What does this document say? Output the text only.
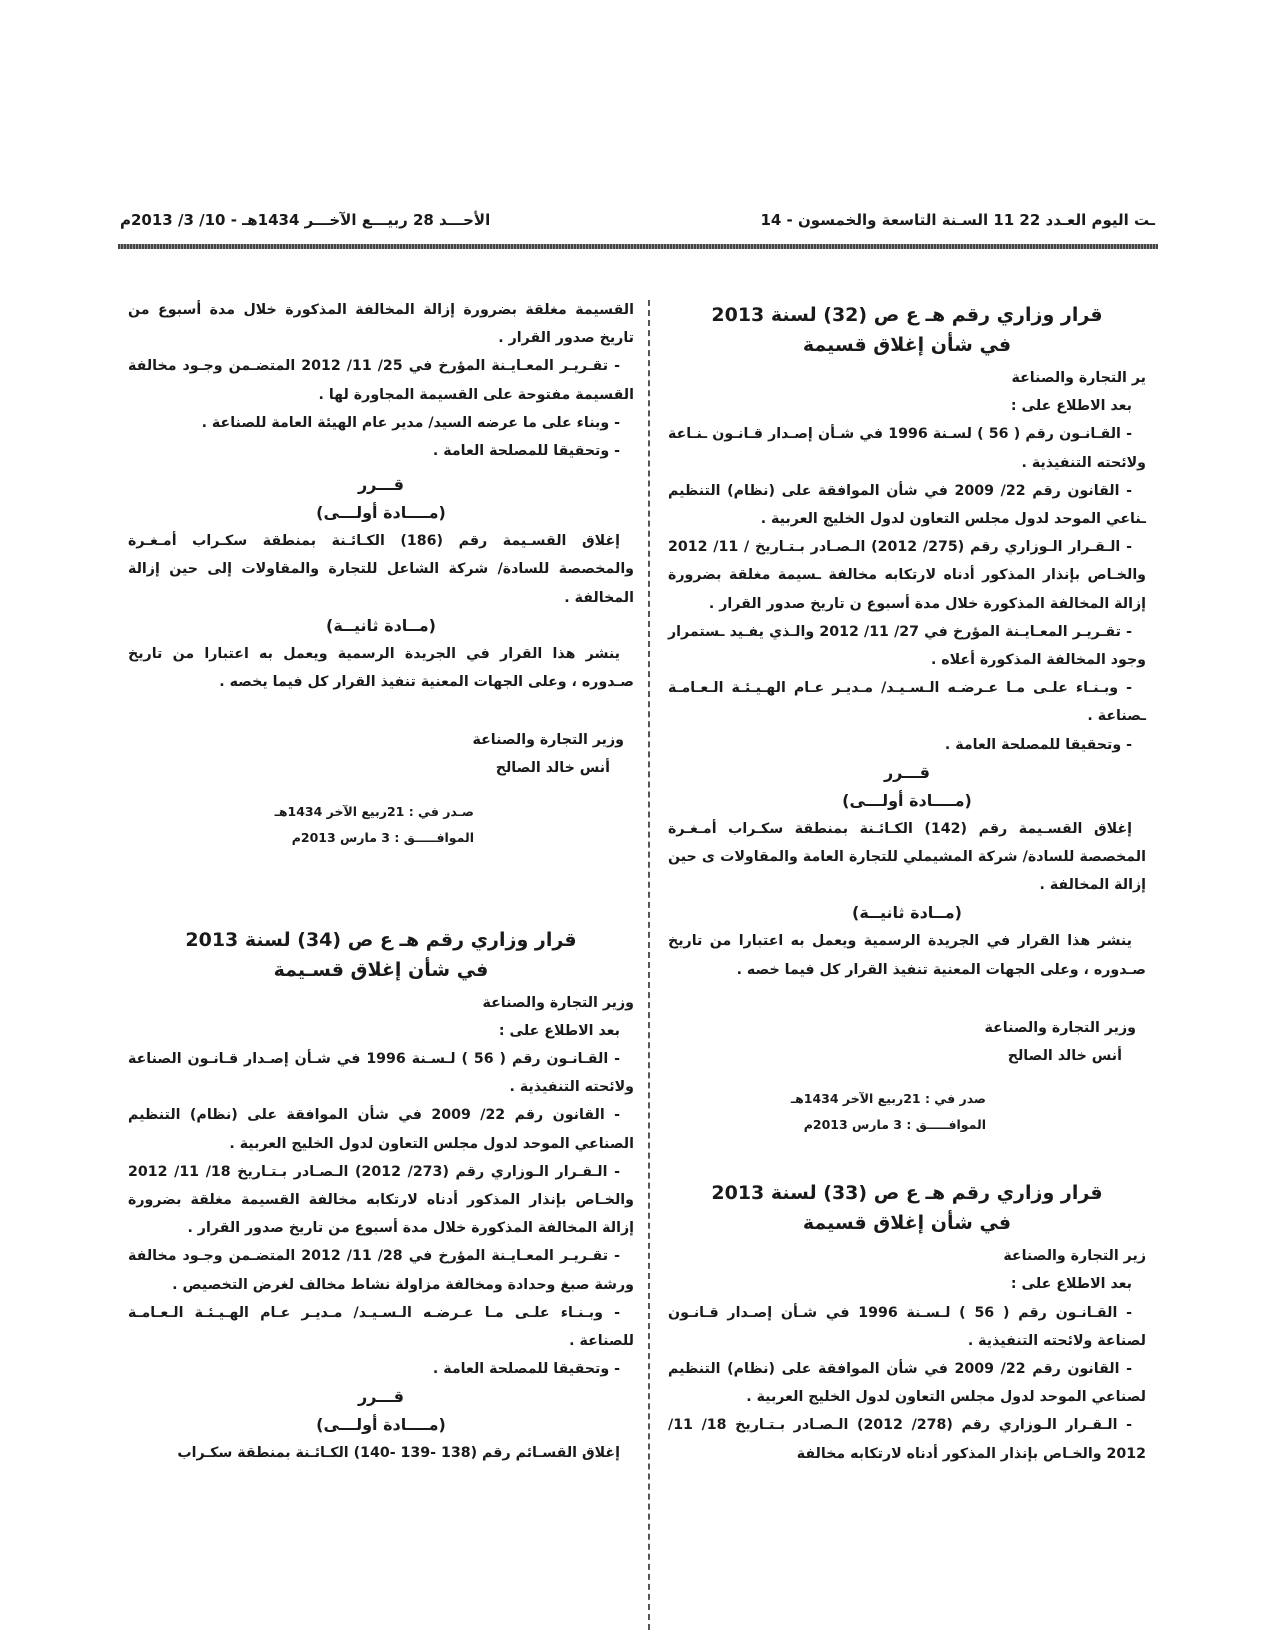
الأحـــد 28 ربيـــع الآخـــر 1434هـ - 10/ 3/ 2013م	ـت اليوم العـدد 22 11 السـنة التاسعة والخمسون - 14

قرار وزاري رقم هـ ع ص (32) لسنة 2013

في شأن إغلاق قسيمة

ير التجارة والصناعة

بعد الاطلاع على :

- القـانـون رقم ( 56 ) لسـنة 1996 في شـأن إصـدار قـانـون ـنـاعة ولائحته التنفيذية .

- القانون رقم 22/ 2009 في شأن الموافقة على (نظام) التنظيم ـناعي الموحد لدول مجلس التعاون لدول الخليج العربية .

- الـقـرار الـوزاري رقم (275/ 2012) الـصـادر بـتـاريخ / 11/ 2012 والخـاص بإنذار المذكور أدناه لارتكابه مخالفة ـسيمة مغلقة بضرورة إزالة المخالفة المذكورة خلال مدة أسبوع ن تاريخ صدور القرار .

- تقـريـر المعـايـنة المؤرخ في 27/ 11/ 2012 والـذي يفـيد ـستمرار وجود المخالفة المذكورة أعلاه .

- وبـنـاء علـى مـا عـرضـه الـسـيـد/ مـديـر عـام الهـيـئـة الـعـامـة ـصناعة .

- وتحقيقا للمصلحة العامة .

قـــرر

(مــــادة أولـــى)

إغلاق القسـيمة رقم (142) الكـائـنة بمنطقة سكـراب أمـغـرة المخصصة للسادة/ شركة المشيملي للتجارة العامة والمقاولات ى حين إزالة المخالفة .

(مــادة ثانيــة)

ينشر هذا القرار في الجريدة الرسمية ويعمل به اعتبارا من تاريخ صـدوره ، وعلى الجهات المعنية تنفيذ القرار كل فيما خصه .

وزير التجارة والصناعة

أنس خالد الصالح

صدر في : 21ربيع الآخر 1434هـ

الموافـــــق : 3 مارس 2013م

قرار وزاري رقم هـ ع ص (33) لسنة 2013

في شأن إغلاق قسيمة

زير التجارة والصناعة

بعد الاطلاع على :

- القـانـون رقم ( 56 ) لـسـنة 1996 في شـأن إصـدار قـانـون لصناعة ولائحته التنفيذية .

- القانون رقم 22/ 2009 في شأن الموافقة على (نظام) التنظيم لصناعي الموحد لدول مجلس التعاون لدول الخليج العربية .

- الـقـرار الـوزاري رقم (278/ 2012) الـصـادر بـتـاريخ 18/ 11/ 2012 والخـاص بإنذار المذكور أدناه لارتكابه مخالفة

القسيمة مغلقة بضرورة إزالة المخالفة المذكورة خلال مدة أسبوع من تاريخ صدور القرار .

- تقـريـر المعـايـنة المؤرخ في 25/ 11/ 2012 المتضـمن وجـود مخالفة القسيمة مفتوحة على القسيمة المجاورة لها .

- وبناء على ما عرضه السيد/ مدير عام الهيئة العامة للصناعة .

- وتحقيقا للمصلحة العامة .

قـــرر

(مــــادة أولـــى)

إغلاق القسـيمة رقم (186) الكـائـنة بمنطقة سكـراب أمـغـرة والمخصصة للسادة/ شركة الشاعل للتجارة والمقاولات إلى حين إزالة المخالفة .

(مــادة ثانيــة)

ينشر هذا القرار في الجريدة الرسمية ويعمل به اعتبارا من تاريخ صـدوره ، وعلى الجهات المعنية تنفيذ القرار كل فيما يخصه .

وزير التجارة والصناعة

أنس خالد الصالح

صـدر في : 21ربيع الآخر 1434هـ

الموافـــــق : 3 مارس 2013م

قرار وزاري رقم هـ ع ص (34) لسنة 2013

في شأن إغلاق قسـيمة

وزير التجارة والصناعة

بعد الاطلاع على :

- القـانـون رقم ( 56 ) لـسـنة 1996 في شـأن إصـدار قـانـون الصناعة ولائحته التنفيذية .

- القانون رقم 22/ 2009 في شأن الموافقة على (نظام) التنظيم الصناعي الموحد لدول مجلس التعاون لدول الخليج العربية .

- الـقـرار الـوزاري رقم (273/ 2012) الـصـادر بـتـاريخ 18/ 11/ 2012 والخـاص بإنذار المذكور أدناه لارتكابه مخالفة القسيمة مغلقة بضرورة إزالة المخالفة المذكورة خلال مدة أسبوع من تاريخ صدور القرار .

- تقـريـر المعـايـنة المؤرخ في 28/ 11/ 2012 المتضـمن وجـود مخالفة ورشة صبغ وحدادة ومخالفة مزاولة نشاط مخالف لغرض التخصيص .

- وبـنـاء علـى مـا عـرضـه الـسـيـد/ مـديـر عـام الهـيـئـة الـعـامـة للصناعة .

- وتحقيقا للمصلحة العامة .

قـــرر

(مــــادة أولـــى)

إغلاق القسـائم رقم (138 -139 -140) الكـائـنة بمنطقة سكـراب
